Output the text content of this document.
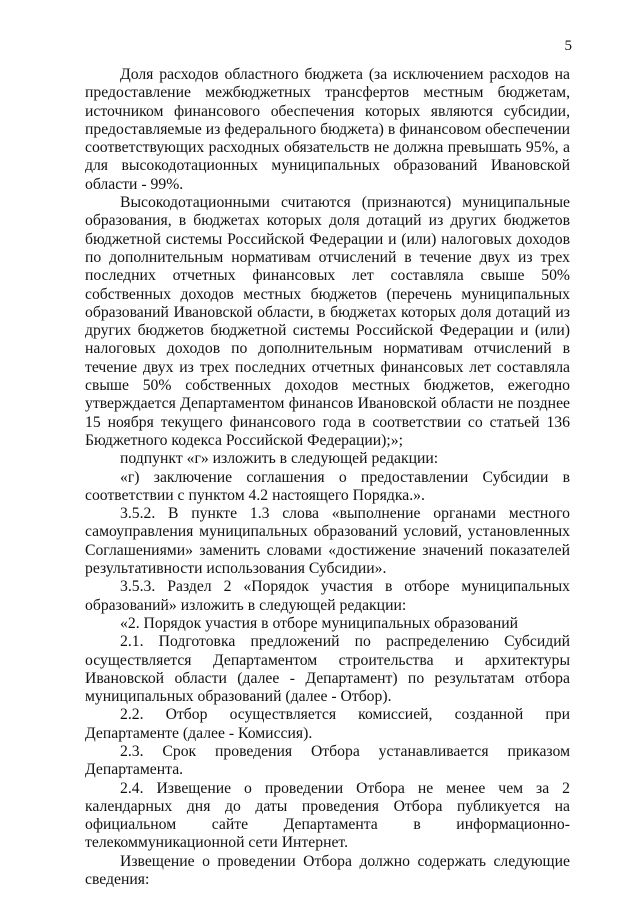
5

Доля расходов областного бюджета (за исключением расходов на предоставление межбюджетных трансфертов местным бюджетам, источником финансового обеспечения которых являются субсидии, предоставляемые из федерального бюджета) в финансовом обеспечении соответствующих расходных обязательств не должна превышать 95%, а для высокодотационных муниципальных образований Ивановской области - 99%.

Высокодотационными считаются (признаются) муниципальные образования, в бюджетах которых доля дотаций из других бюджетов бюджетной системы Российской Федерации и (или) налоговых доходов по дополнительным нормативам отчислений в течение двух из трех последних отчетных финансовых лет составляла свыше 50% собственных доходов местных бюджетов (перечень муниципальных образований Ивановской области, в бюджетах которых доля дотаций из других бюджетов бюджетной системы Российской Федерации и (или) налоговых доходов по дополнительным нормативам отчислений в течение двух из трех последних отчетных финансовых лет составляла свыше 50% собственных доходов местных бюджетов, ежегодно утверждается Департаментом финансов Ивановской области не позднее 15 ноября текущего финансового года в соответствии со статьей 136 Бюджетного кодекса Российской Федерации);»;

подпункт «г» изложить в следующей редакции:

«г) заключение соглашения о предоставлении Субсидии в соответствии с пунктом 4.2 настоящего Порядка.».

3.5.2. В пункте 1.3 слова «выполнение органами местного самоуправления муниципальных образований условий, установленных Соглашениями» заменить словами «достижение значений показателей результативности использования Субсидии».

3.5.3. Раздел 2 «Порядок участия в отборе муниципальных образований» изложить в следующей редакции:

«2. Порядок участия в отборе муниципальных образований

2.1. Подготовка предложений по распределению Субсидий осуществляется Департаментом строительства и архитектуры Ивановской области (далее - Департамент) по результатам отбора муниципальных образований (далее - Отбор).

2.2. Отбор осуществляется комиссией, созданной при Департаменте (далее - Комиссия).

2.3. Срок проведения Отбора устанавливается приказом Департамента.

2.4. Извещение о проведении Отбора не менее чем за 2 календарных дня до даты проведения Отбора публикуется на официальном сайте Департамента в информационно-телекоммуникационной сети Интернет.

Извещение о проведении Отбора должно содержать следующие сведения:
